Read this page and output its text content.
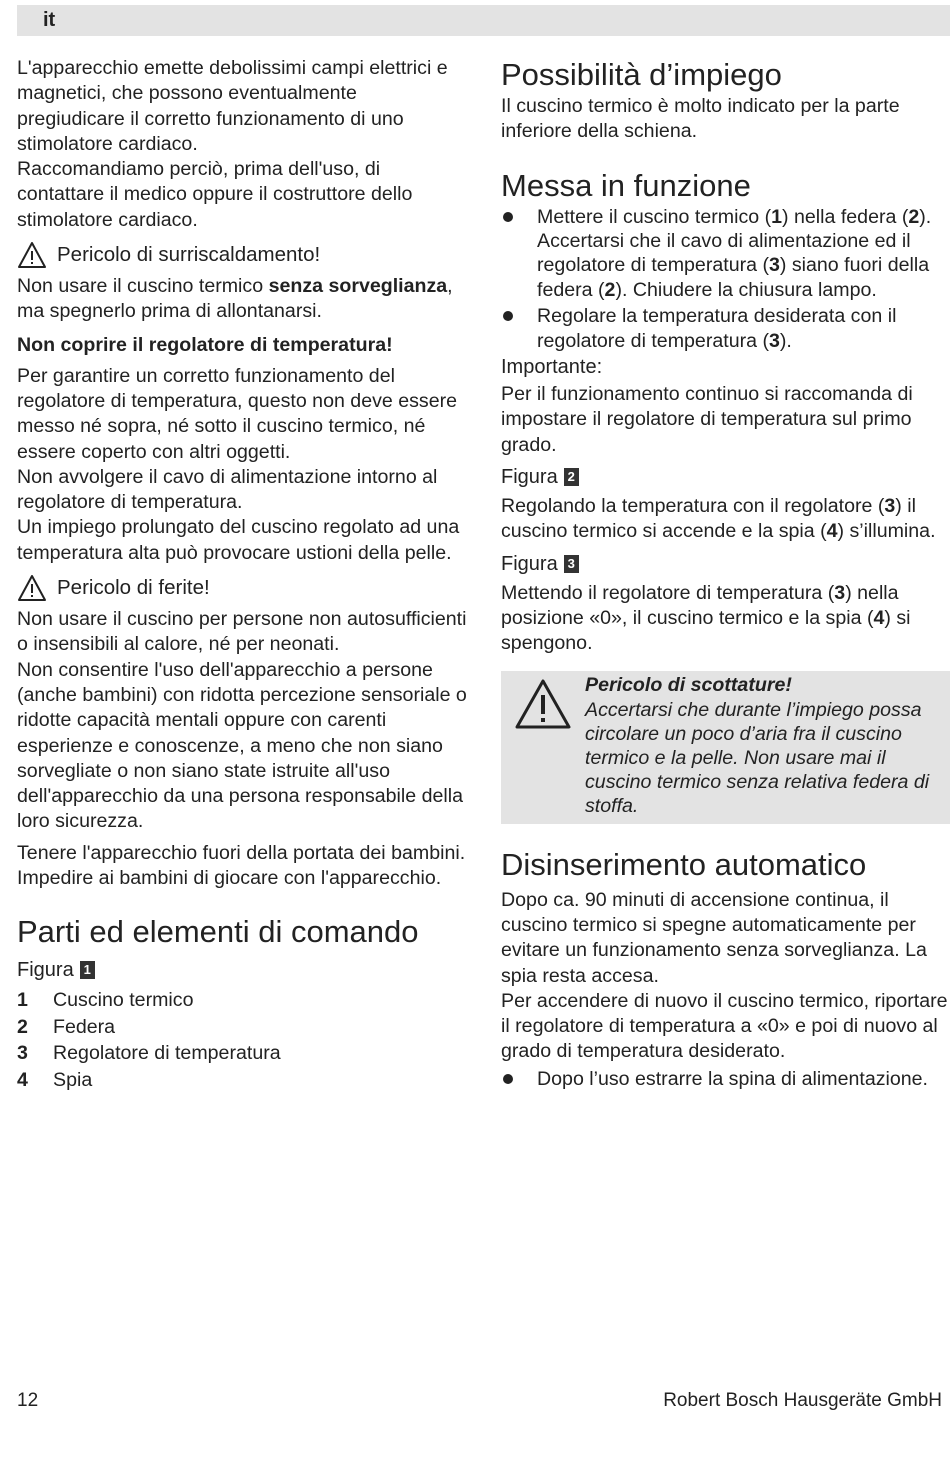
it

L'apparecchio emette debolissimi campi elettrici e magnetici, che possono eventualmente pregiudicare il corretto funzionamento di uno stimolatore cardiaco.

Raccomandiamo perciò, prima dell'uso, di contattare il medico oppure il costruttore dello stimolatore cardiaco.

Pericolo di surriscaldamento!

Non usare il cuscino termico senza sorveglianza, ma spegnerlo prima di allontanarsi.

Non coprire il regolatore di temperatura!

Per garantire un corretto funzionamento del regolatore di temperatura, questo non deve essere messo né sopra, né sotto il cuscino termico, né essere coperto con altri oggetti.

Non avvolgere il cavo di alimentazione intorno al regolatore di temperatura.

Un impiego prolungato del cuscino regolato ad una temperatura alta può provocare ustioni della pelle.

Pericolo di ferite!

Non usare il cuscino per persone non autosufficienti o insensibili al calore, né per neonati.

Non consentire l'uso dell'apparecchio a persone (anche bambini) con ridotta percezione sensoriale o ridotte capacità mentali oppure con carenti esperienze e conoscenze, a meno che non siano sorvegliate o non siano state istruite all'uso dell'apparecchio da una persona responsabile della loro sicurezza.

Tenere l'apparecchio fuori della portata dei bambini. Impedire ai bambini di giocare con l'apparecchio.

Parti ed elementi di comando
Figura 1
1	Cuscino termico
2	Federa
3	Regolatore di temperatura
4	Spia
Possibilità d’impiego

Il cuscino termico è molto indicato per la parte inferiore della schiena.

Messa in funzione
Mettere il cuscino termico (1) nella federa (2). Accertarsi che il cavo di alimentazione ed il regolatore di temperatura (3) siano fuori della federa (2). Chiudere la chiusura lampo.
Regolare la temperatura desiderata con il regolatore di temperatura (3).
Importante:

Per il funzionamento continuo si raccomanda di impostare il regolatore di temperatura sul primo grado.

Figura 2

Regolando la temperatura con il regolatore (3) il cuscino termico si accende e la spia (4) s’illumina.

Figura 3

Mettendo il regolatore di temperatura (3) nella posizione «0», il cuscino termico e la spia (4) si spengono.

Pericolo di scottature!
Accertarsi che durante l’impiego possa circolare un poco d’aria fra il cuscino termico e la pelle. Non usare mai il cuscino termico senza relativa federa di stoffa.
Disinserimento automatico

Dopo ca. 90 minuti di accensione continua, il cuscino termico si spegne automaticamente per evitare un funzionamento senza sorveglianza. La spia resta accesa.

Per accendere di nuovo il cuscino termico, riportare il regolatore di temperatura a «0» e poi di nuovo al grado di temperatura desiderato.

Dopo l’uso estrarre la spina di alimentazione.
12	Robert Bosch Hausgeräte GmbH
